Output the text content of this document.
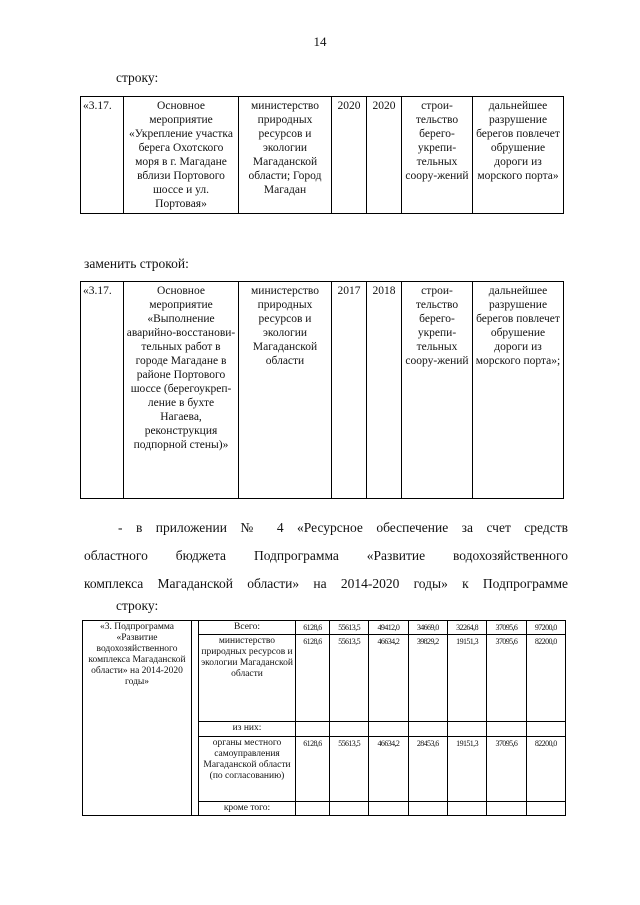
14
строку:
«3.17.	Основное мероприятие «Укрепление участка берега Охотского моря в г. Магадане вблизи Портового шоссе и ул. Портовая»	министерство природных ресурсов и экологии Магаданской области; Город Магадан	2020	2020	строи-тельство берего-укрепи-тельных соору-жений	дальнейшее разрушение берегов повлечет обрушение дороги из морского порта»
заменить строкой:
«3.17.	Основное мероприятие «Выполнение аварийно-восстанови-тельных работ в городе Магадане в районе Портового шоссе (берегоукреп-ление в бухте Нагаева, реконструкция подпорной стены)»	министерство природных ресурсов и экологии Магаданской области	2017	2018	строи-тельство берего-укрепи-тельных соору-жений	дальнейшее разрушение берегов повлечет обрушение дороги из морского порта»;
- в приложении № 4 «Ресурсное обеспечение за счет средств
областного бюджета Подпрограмма «Развитие водохозяйственного
комплекса Магаданской области» на 2014-2020 годы» к Подпрограмме
строку:
«3. Подпрограмма «Развитие водохозяйственного комплекса Магаданской области» на 2014-2020 годы»		Всего:	6128,6	55613,5	49412,0	34669,0	32264,8	37095,6	97200,0
		министерство природных ресурсов и экологии Магаданской области	6128,6	55613,5	46634,2	39829,2	19151,3	37095,6	82200,0
		из них:							
		органы местного самоуправления Магаданской области (по согласованию)	6128,6	55613,5	46634,2	28453,6	19151,3	37095,6	82200,0
		кроме того:							
